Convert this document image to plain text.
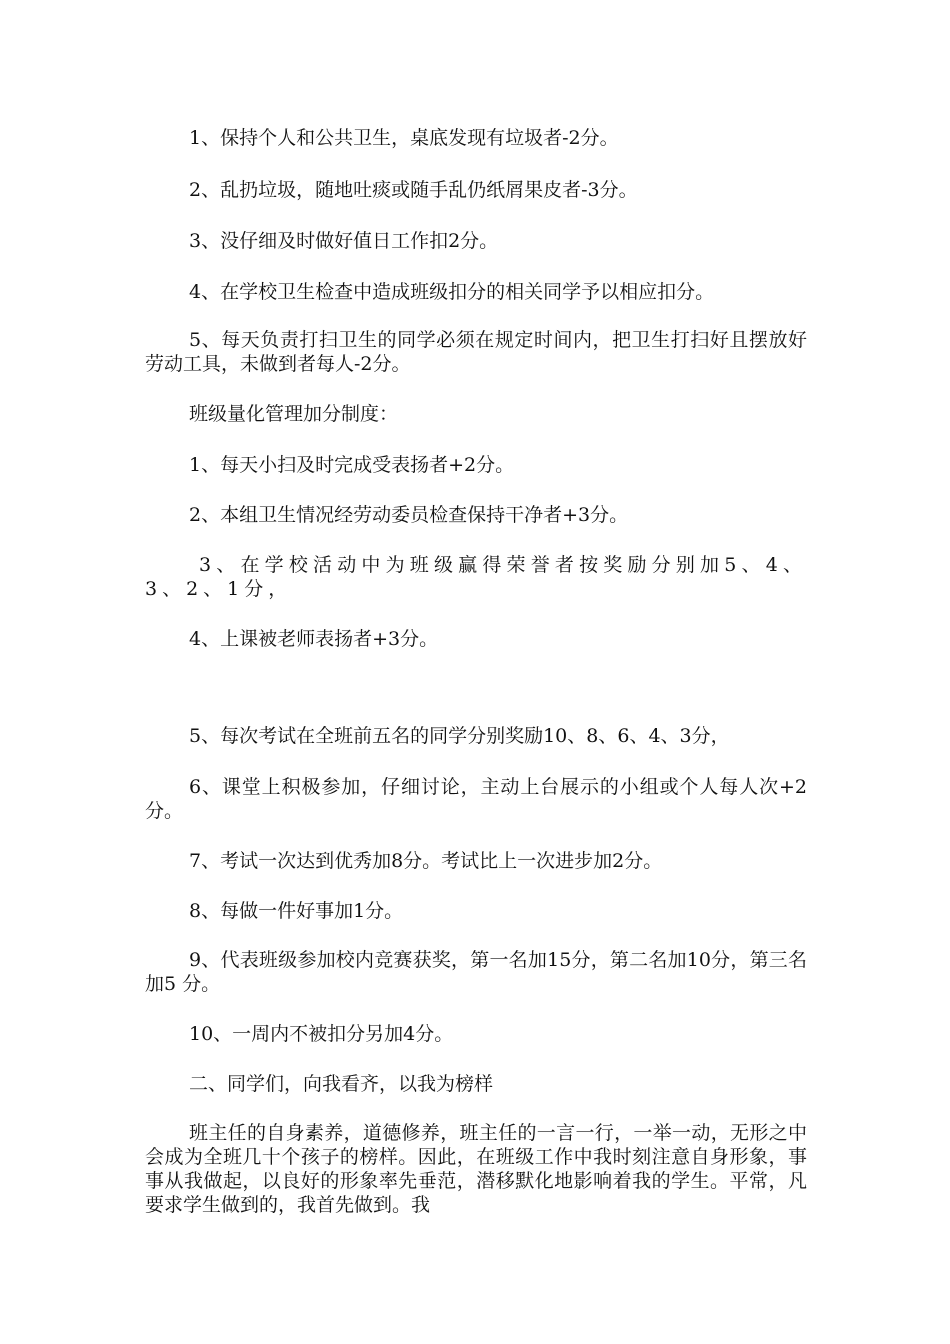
1、保持个人和公共卫生，桌底发现有垃圾者-2分。

2、乱扔垃圾，随地吐痰或随手乱仍纸屑果皮者-3分。

3、没仔细及时做好值日工作扣2分。

4、在学校卫生检查中造成班级扣分的相关同学予以相应扣分。

5、每天负责打扫卫生的同学必须在规定时间内，把卫生打扫好且摆放好劳动工具，未做到者每人-2分。

班级量化管理加分制度：

1、每天小扫及时完成受表扬者+2分。

2、本组卫生情况经劳动委员检查保持干净者+3分。

3、在学校活动中为班级赢得荣誉者按奖励分别加5、4、3、2、1分，

4、上课被老师表扬者+3分。

5、每次考试在全班前五名的同学分别奖励10、8、6、4、3分，

6、课堂上积极参加，仔细讨论，主动上台展示的小组或个人每人次+2分。

7、考试一次达到优秀加8分。考试比上一次进步加2分。

8、每做一件好事加1分。

9、代表班级参加校内竞赛获奖，第一名加15分，第二名加10分，第三名加5 分。

10、一周内不被扣分另加4分。

二、同学们，向我看齐，以我为榜样

班主任的自身素养，道德修养，班主任的一言一行，一举一动，无形之中会成为全班几十个孩子的榜样。因此，在班级工作中我时刻注意自身形象，事事从我做起，以良好的形象率先垂范，潜移默化地影响着我的学生。平常，凡要求学生做到的，我首先做到。我
